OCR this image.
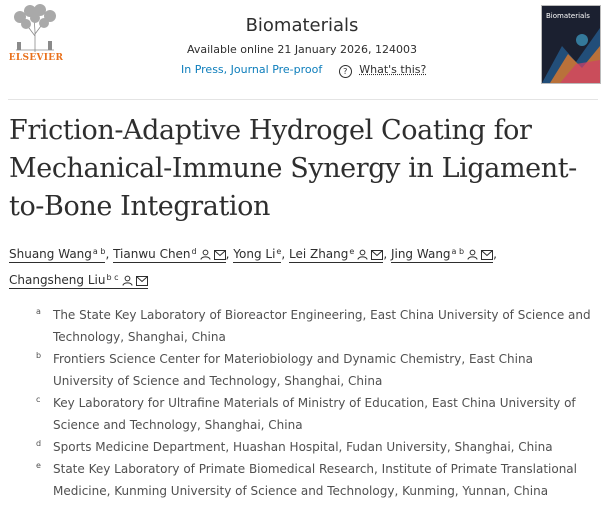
ELSEVIER
Biomaterials
Available online 21 January 2026, 124003
In Press, Journal Pre-proof	? What's this?
Biomaterials
Friction-Adaptive Hydrogel Coating for Mechanical-Immune Synergy in Ligament-to-Bone Integration
Shuang Wang$^{a b}$, Tianwu Chen$^d$ , Yong Li$^e$, Lei Zhang$^e$ , Jing Wang$^{a b}$ ,
Changsheng Liu$^{b c}$
a The State Key Laboratory of Bioreactor Engineering, East China University of Science and Technology, Shanghai, China
b Frontiers Science Center for Materiobiology and Dynamic Chemistry, East China University of Science and Technology, Shanghai, China
c Key Laboratory for Ultrafine Materials of Ministry of Education, East China University of Science and Technology, Shanghai, China
d Sports Medicine Department, Huashan Hospital, Fudan University, Shanghai, China
e State Key Laboratory of Primate Biomedical Research, Institute of Primate Translational Medicine, Kunming University of Science and Technology, Kunming, Yunnan, China
